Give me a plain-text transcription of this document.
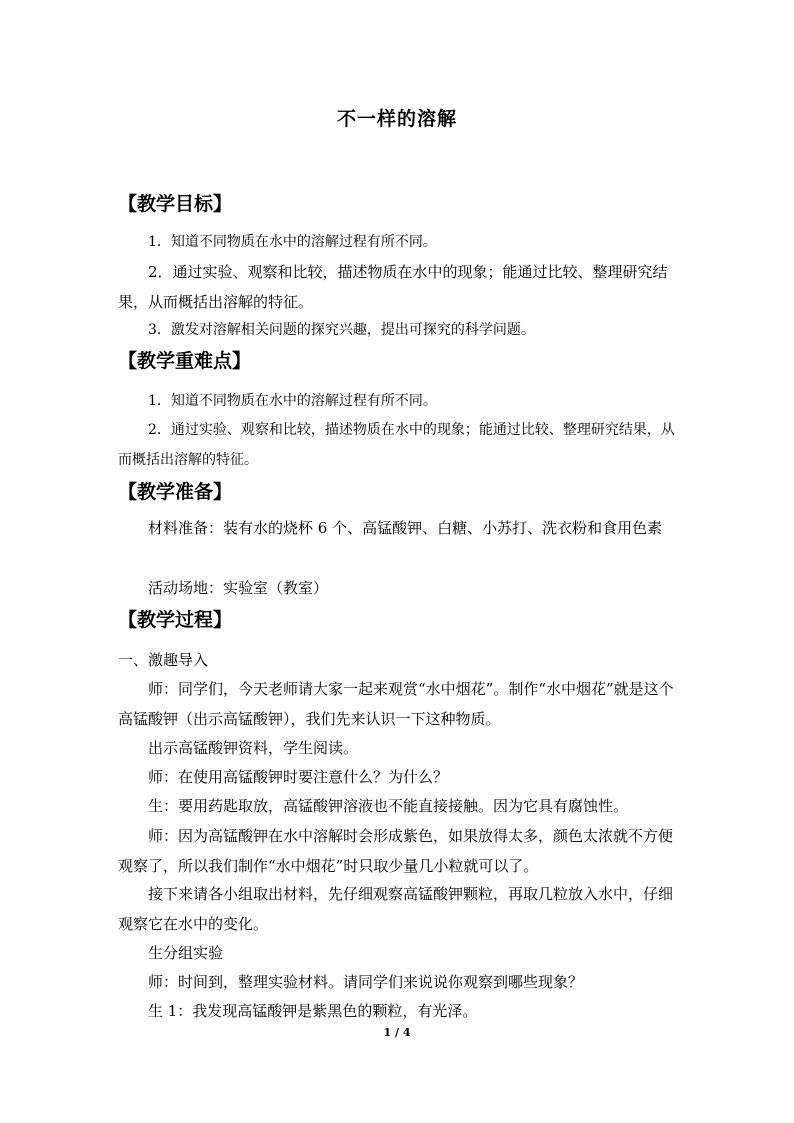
不一样的溶解
【教学目标】
1．知道不同物质在水中的溶解过程有所不同。
2．通过实验、观察和比较，描述物质在水中的现象；能通过比较、整理研究结果，从而概括出溶解的特征。
3．激发对溶解相关问题的探究兴趣，提出可探究的科学问题。
【教学重难点】
1．知道不同物质在水中的溶解过程有所不同。
2．通过实验、观察和比较，描述物质在水中的现象；能通过比较、整理研究结果，从而概括出溶解的特征。
【教学准备】
材料准备：装有水的烧杯 6 个、高锰酸钾、白糖、小苏打、洗衣粉和食用色素
活动场地：实验室（教室）
【教学过程】
一、激趣导入
师：同学们，今天老师请大家一起来观赏“水中烟花”。制作“水中烟花”就是这个高锰酸钾（出示高锰酸钾），我们先来认识一下这种物质。
出示高锰酸钾资料，学生阅读。
师：在使用高锰酸钾时要注意什么？为什么？
生：要用药匙取放，高锰酸钾溶液也不能直接接触。因为它具有腐蚀性。
师：因为高锰酸钾在水中溶解时会形成紫色，如果放得太多，颜色太浓就不方便观察了，所以我们制作“水中烟花”时只取少量几小粒就可以了。
接下来请各小组取出材料，先仔细观察高锰酸钾颗粒，再取几粒放入水中，仔细观察它在水中的变化。
生分组实验
师：时间到，整理实验材料。请同学们来说说你观察到哪些现象？
生 1：我发现高锰酸钾是紫黑色的颗粒，有光泽。
1 / 4
